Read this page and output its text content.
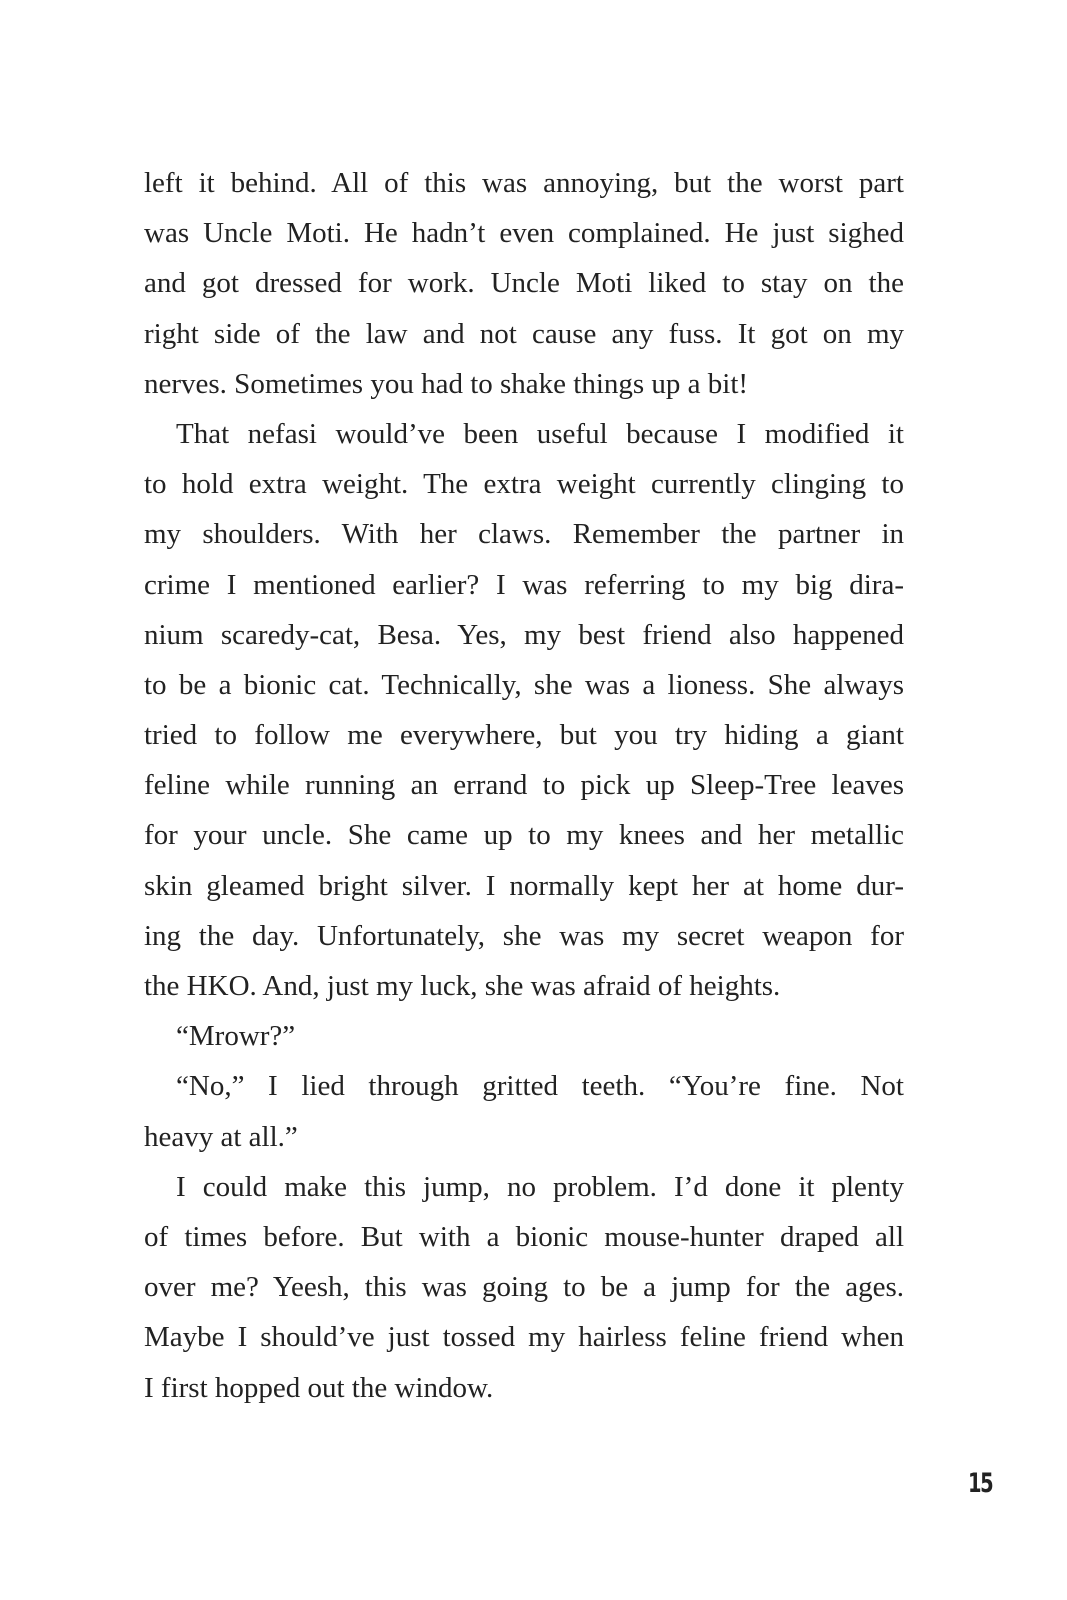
left it behind. All of this was annoying, but the worst part
was Uncle Moti. He hadn’t even complained. He just sighed
and got dressed for work. Uncle Moti liked to stay on the
right side of the law and not cause any fuss. It got on my
nerves. Sometimes you had to shake things up a bit!
That nefasi would’ve been useful because I modified it
to hold extra weight. The extra weight currently clinging to
my shoulders. With her claws. Remember the partner in
crime I mentioned earlier? I was referring to my big dira-
nium scaredy-cat, Besa. Yes, my best friend also happened
to be a bionic cat. Technically, she was a lioness. She always
tried to follow me everywhere, but you try hiding a giant
feline while running an errand to pick up Sleep-Tree leaves
for your uncle. She came up to my knees and her metallic
skin gleamed bright silver. I normally kept her at home dur-
ing the day. Unfortunately, she was my secret weapon for
the HKO. And, just my luck, she was afraid of heights.
“Mrowr?”
“No,” I lied through gritted teeth. “You’re fine. Not
heavy at all.”
I could make this jump, no problem. I’d done it plenty
of times before. But with a bionic mouse-hunter draped all
over me? Yeesh, this was going to be a jump for the ages.
Maybe I should’ve just tossed my hairless feline friend when
I first hopped out the window.
15
